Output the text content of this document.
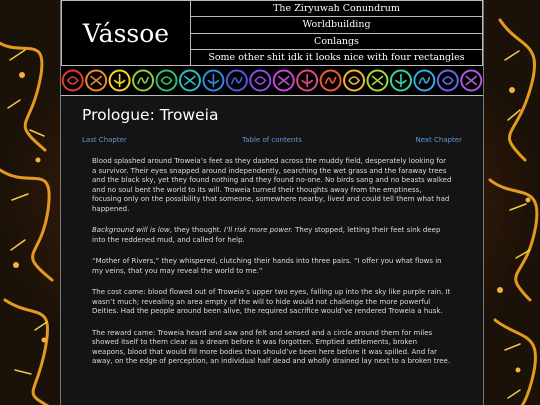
Vássoe
The Ziryuwah Conundrum
Worldbuilding
Conlangs
Some other shit idk it looks nice with four rectangles
Prologue: Troweia
Last Chapter	Table of contents	Next Chapter

Blood splashed around Troweia’s feet as they dashed across the muddy field, desperately looking for a survivor. Their eyes snapped around independently, searching the wet grass and the faraway trees and the black sky, yet they found nothing and they found no-one. No birds sang and no beasts walked and no soul bent the world to its will. Troweia turned their thoughts away from the emptiness, focusing only on the possibility that someone, somewhere nearby, lived and could tell them what had happened.

Background will is low, they thought. I’ll risk more power. They stopped, letting their feet sink deep into the reddened mud, and called for help.

“Mother of Rivers,” they whispered, clutching their hands into three pairs. “I offer you what flows in my veins, that you may reveal the world to me.”

The cost came: blood flowed out of Troweia’s upper two eyes, falling up into the sky like purple rain. It wasn’t much; revealing an area empty of the will to hide would not challenge the more powerful Deities. Had the people around been alive, the required sacrifice would’ve rendered Troweia a husk.

The reward came: Troweia heard and saw and felt and sensed and a circle around them for miles showed itself to them clear as a dream before it was forgotten. Emptied settlements, broken weapons, blood that would fill more bodies than should’ve been here before it was spilled. And far away, on the edge of perception, an individual half dead and wholly drained lay next to a broken tree.
